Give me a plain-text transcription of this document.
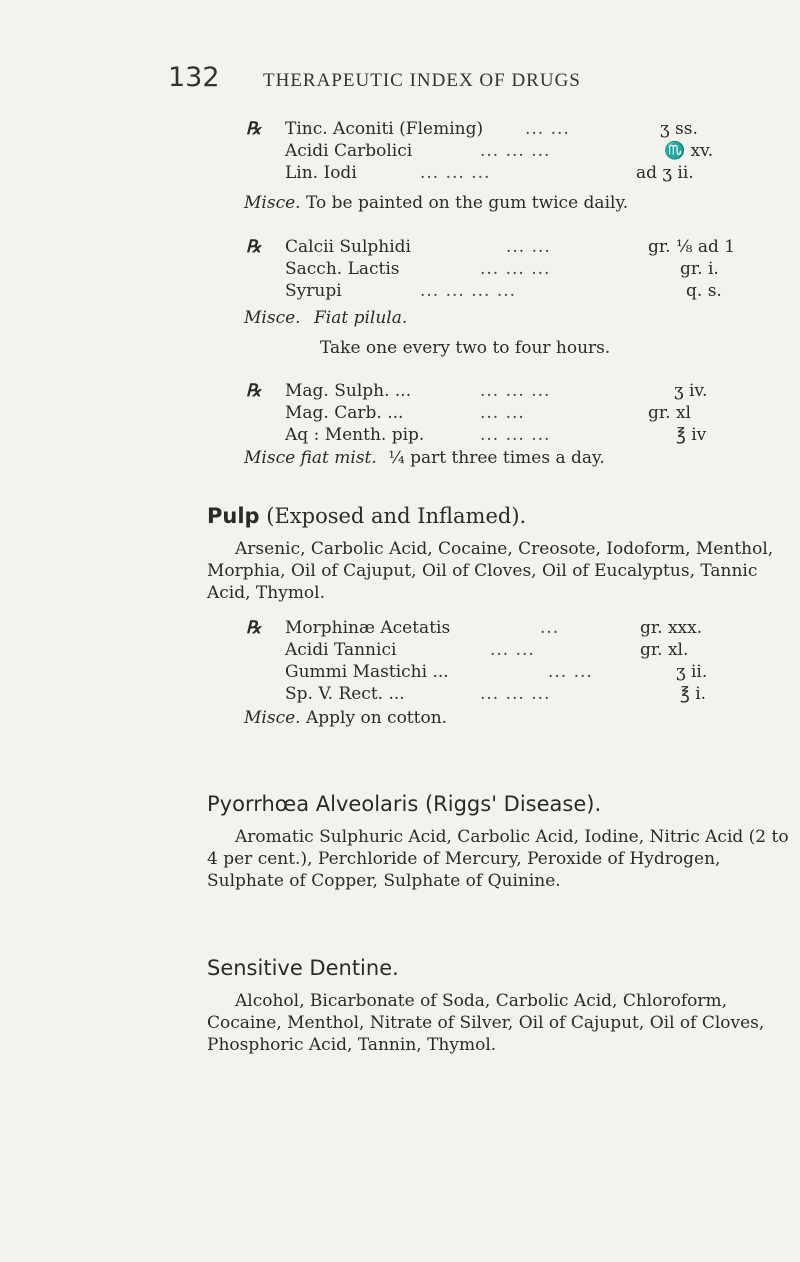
132 THERAPEUTIC INDEX OF DRUGS
℞ Tinc. Aconiti (Fleming) ... ...	ʒ ss.
Acidi Carbolici	... ... ...	♏ xv.
Lin. Iodi	... ... ...	ad ʒ ii.
Misce. To be painted on the gum twice daily.
℞ Calcii Sulphidi	... ...	gr. ⅛ ad 1
Sacch. Lactis	... ... ...	gr. i.
Syrupi	... ... ... ...	q. s.
Misce. Fiat pilula.
Take one every two to four hours.
℞ Mag. Sulph. ...	... ... ...	ʒ iv.
Mag. Carb. ...	... ...	gr. xl
Aq : Menth. pip.	... ... ...	℥ iv
Misce fiat mist. ¼ part three times a day.
Pulp (Exposed and Inflamed).
Arsenic, Carbolic Acid, Cocaine, Creosote, Iodoform, Menthol, Morphia, Oil of Cajuput, Oil of Cloves, Oil of Eucalyptus, Tannic Acid, Thymol.
℞ Morphinæ Acetatis	...	gr. xxx.
Acidi Tannici	... ...	gr. xl.
Gummi Mastichi ...	... ...	ʒ ii.
Sp. V. Rect. ...	... ... ...	℥ i.
Misce. Apply on cotton.
Pyorrhœa Alveolaris (Riggs' Disease).
Aromatic Sulphuric Acid, Carbolic Acid, Iodine, Nitric Acid (2 to 4 per cent.), Perchloride of Mercury, Peroxide of Hydrogen, Sulphate of Copper, Sulphate of Quinine.
Sensitive Dentine.
Alcohol, Bicarbonate of Soda, Carbolic Acid, Chloroform, Cocaine, Menthol, Nitrate of Silver, Oil of Cajuput, Oil of Cloves, Phosphoric Acid, Tannin, Thymol.
